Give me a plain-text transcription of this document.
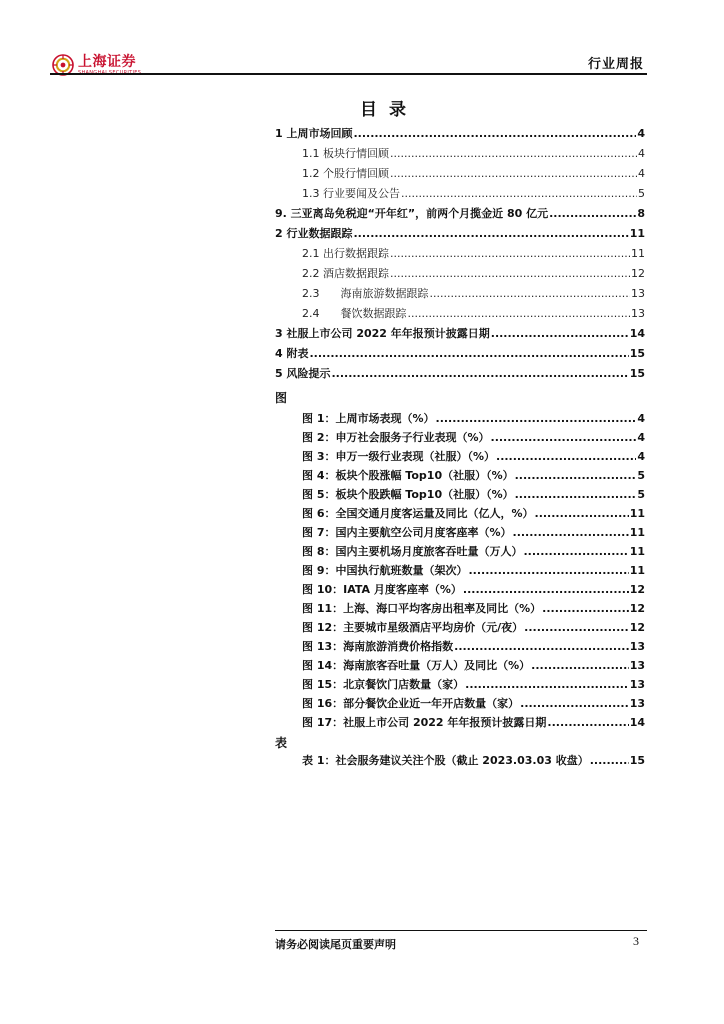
上海证券
SHANGHAI SECURITIES
行业周报
目录
1 上周市场回顾 .....	4
1.1 板块行情回顾 .....	4
1.2 个股行情回顾 .....	4
1.3 行业要闻及公告 .....	5
9. 三亚离岛免税迎“开年红”，前两个月揽金近 80 亿元 .....	8
2 行业数据跟踪 .....	11
2.1 出行数据跟踪 .....	11
2.2 酒店数据跟踪 .....	12
2.3      海南旅游数据跟踪 .....	13
2.4      餐饮数据跟踪 .....	13
3 社服上市公司 2022 年年报预计披露日期 .....	14
4 附表 .....	15
5 风险提示 .....	15
图
图 1：上周市场表现（%） .....	4
图 2：申万社会服务子行业表现（%） .....	4
图 3：申万一级行业表现（社服）（%） .....	4
图 4：板块个股涨幅 Top10（社服）（%） .....	5
图 5：板块个股跌幅 Top10（社服）（%） .....	5
图 6：全国交通月度客运量及同比（亿人，%） .....	11
图 7：国内主要航空公司月度客座率（%） .....	11
图 8：国内主要机场月度旅客吞吐量（万人） .....	11
图 9：中国执行航班数量（架次） .....	11
图 10：IATA 月度客座率（%） .....	12
图 11：上海、海口平均客房出租率及同比（%） .....	12
图 12：主要城市星级酒店平均房价（元/夜） .....	12
图 13：海南旅游消费价格指数 .....	13
图 14：海南旅客吞吐量（万人）及同比（%） .....	13
图 15：北京餐饮门店数量（家） .....	13
图 16：部分餐饮企业近一年开店数量（家） .....	13
图 17：社服上市公司 2022 年年报预计披露日期 .....	14
表
表 1：社会服务建议关注个股（截止 2023.03.03 收盘） .....	15
请务必阅读尾页重要声明	3
